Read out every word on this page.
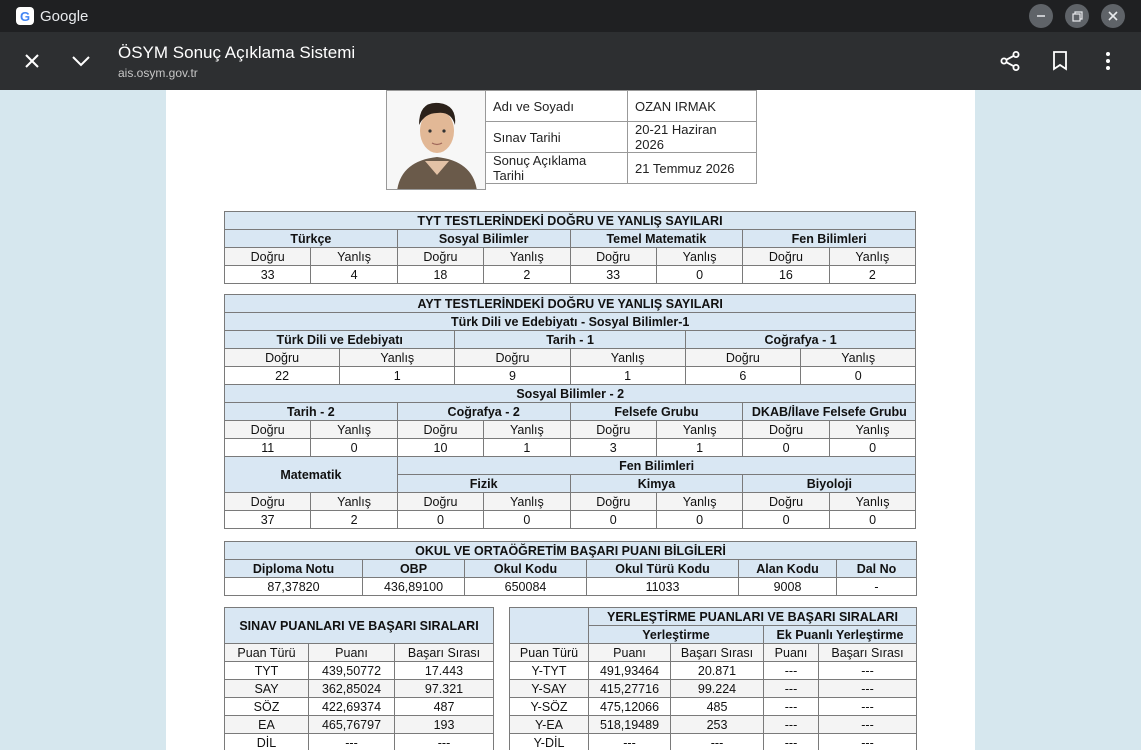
G Google
ÖSYM Sonuç Açıklama Sistemi
ais.osym.gov.tr

Adı ve Soyadı	OZAN IRMAK
Sınav Tarihi	20-21 Haziran 2026
Sonuç Açıklama Tarihi	21 Temmuz 2026
TYT TESTLERİNDEKİ DOĞRU VE YANLIŞ SAYILARI							
Türkçe		Sosyal Bilimler		Temel Matematik		Fen Bilimleri	
Doğru	Yanlış	Doğru	Yanlış	Doğru	Yanlış	Doğru	Yanlış
33	4	18	2	33	0	16	2
AYT TESTLERİNDEKİ DOĞRU VE YANLIŞ SAYILARI											
Türk Dili ve Edebiyatı - Sosyal Bilimler-1											
Türk Dili ve Edebiyatı				Tarih - 1				Coğrafya - 1			
Doğru		Yanlış		Doğru		Yanlış		Doğru		Yanlış	
22		1		9		1		6		0	
Sosyal Bilimler - 2											
Tarih - 2			Coğrafya - 2			Felsefe Grubu			DKAB/İlave Felsefe Grubu		
Doğru	Yanlış		Doğru		Yanlış	Doğru	Yanlış		Doğru		Yanlış
11	0		10		1	3	1		0		0
Matematik			Fen Bilimleri								
			Fizik			Kimya			Biyoloji		
Doğru	Yanlış		Doğru		Yanlış	Doğru	Yanlış		Doğru		Yanlış
37	2		0		0	0	0		0		0
OKUL VE ORTAÖĞRETİM BAŞARI PUANI BİLGİLERİ					
Diploma Notu	OBP	Okul Kodu	Okul Türü Kodu	Alan Kodu	Dal No
87,37820	436,89100	650084	11033	9008	-
SINAV PUANLARI VE BAŞARI SIRALARI		
Puan Türü	Puanı	Başarı Sırası
TYT	439,50772	17.443
SAY	362,85024	97.321
SÖZ	422,69374	487
EA	465,76797	193
DİL	---	---
	YERLEŞTİRME PUANLARI VE BAŞARI SIRALARI			
	Yerleştirme		Ek Puanlı Yerleştirme	
Puan Türü	Puanı	Başarı Sırası	Puanı	Başarı Sırası
Y-TYT	491,93464	20.871	---	---
Y-SAY	415,27716	99.224	---	---
Y-SÖZ	475,12066	485	---	---
Y-EA	518,19489	253	---	---
Y-DİL	---	---	---	---
